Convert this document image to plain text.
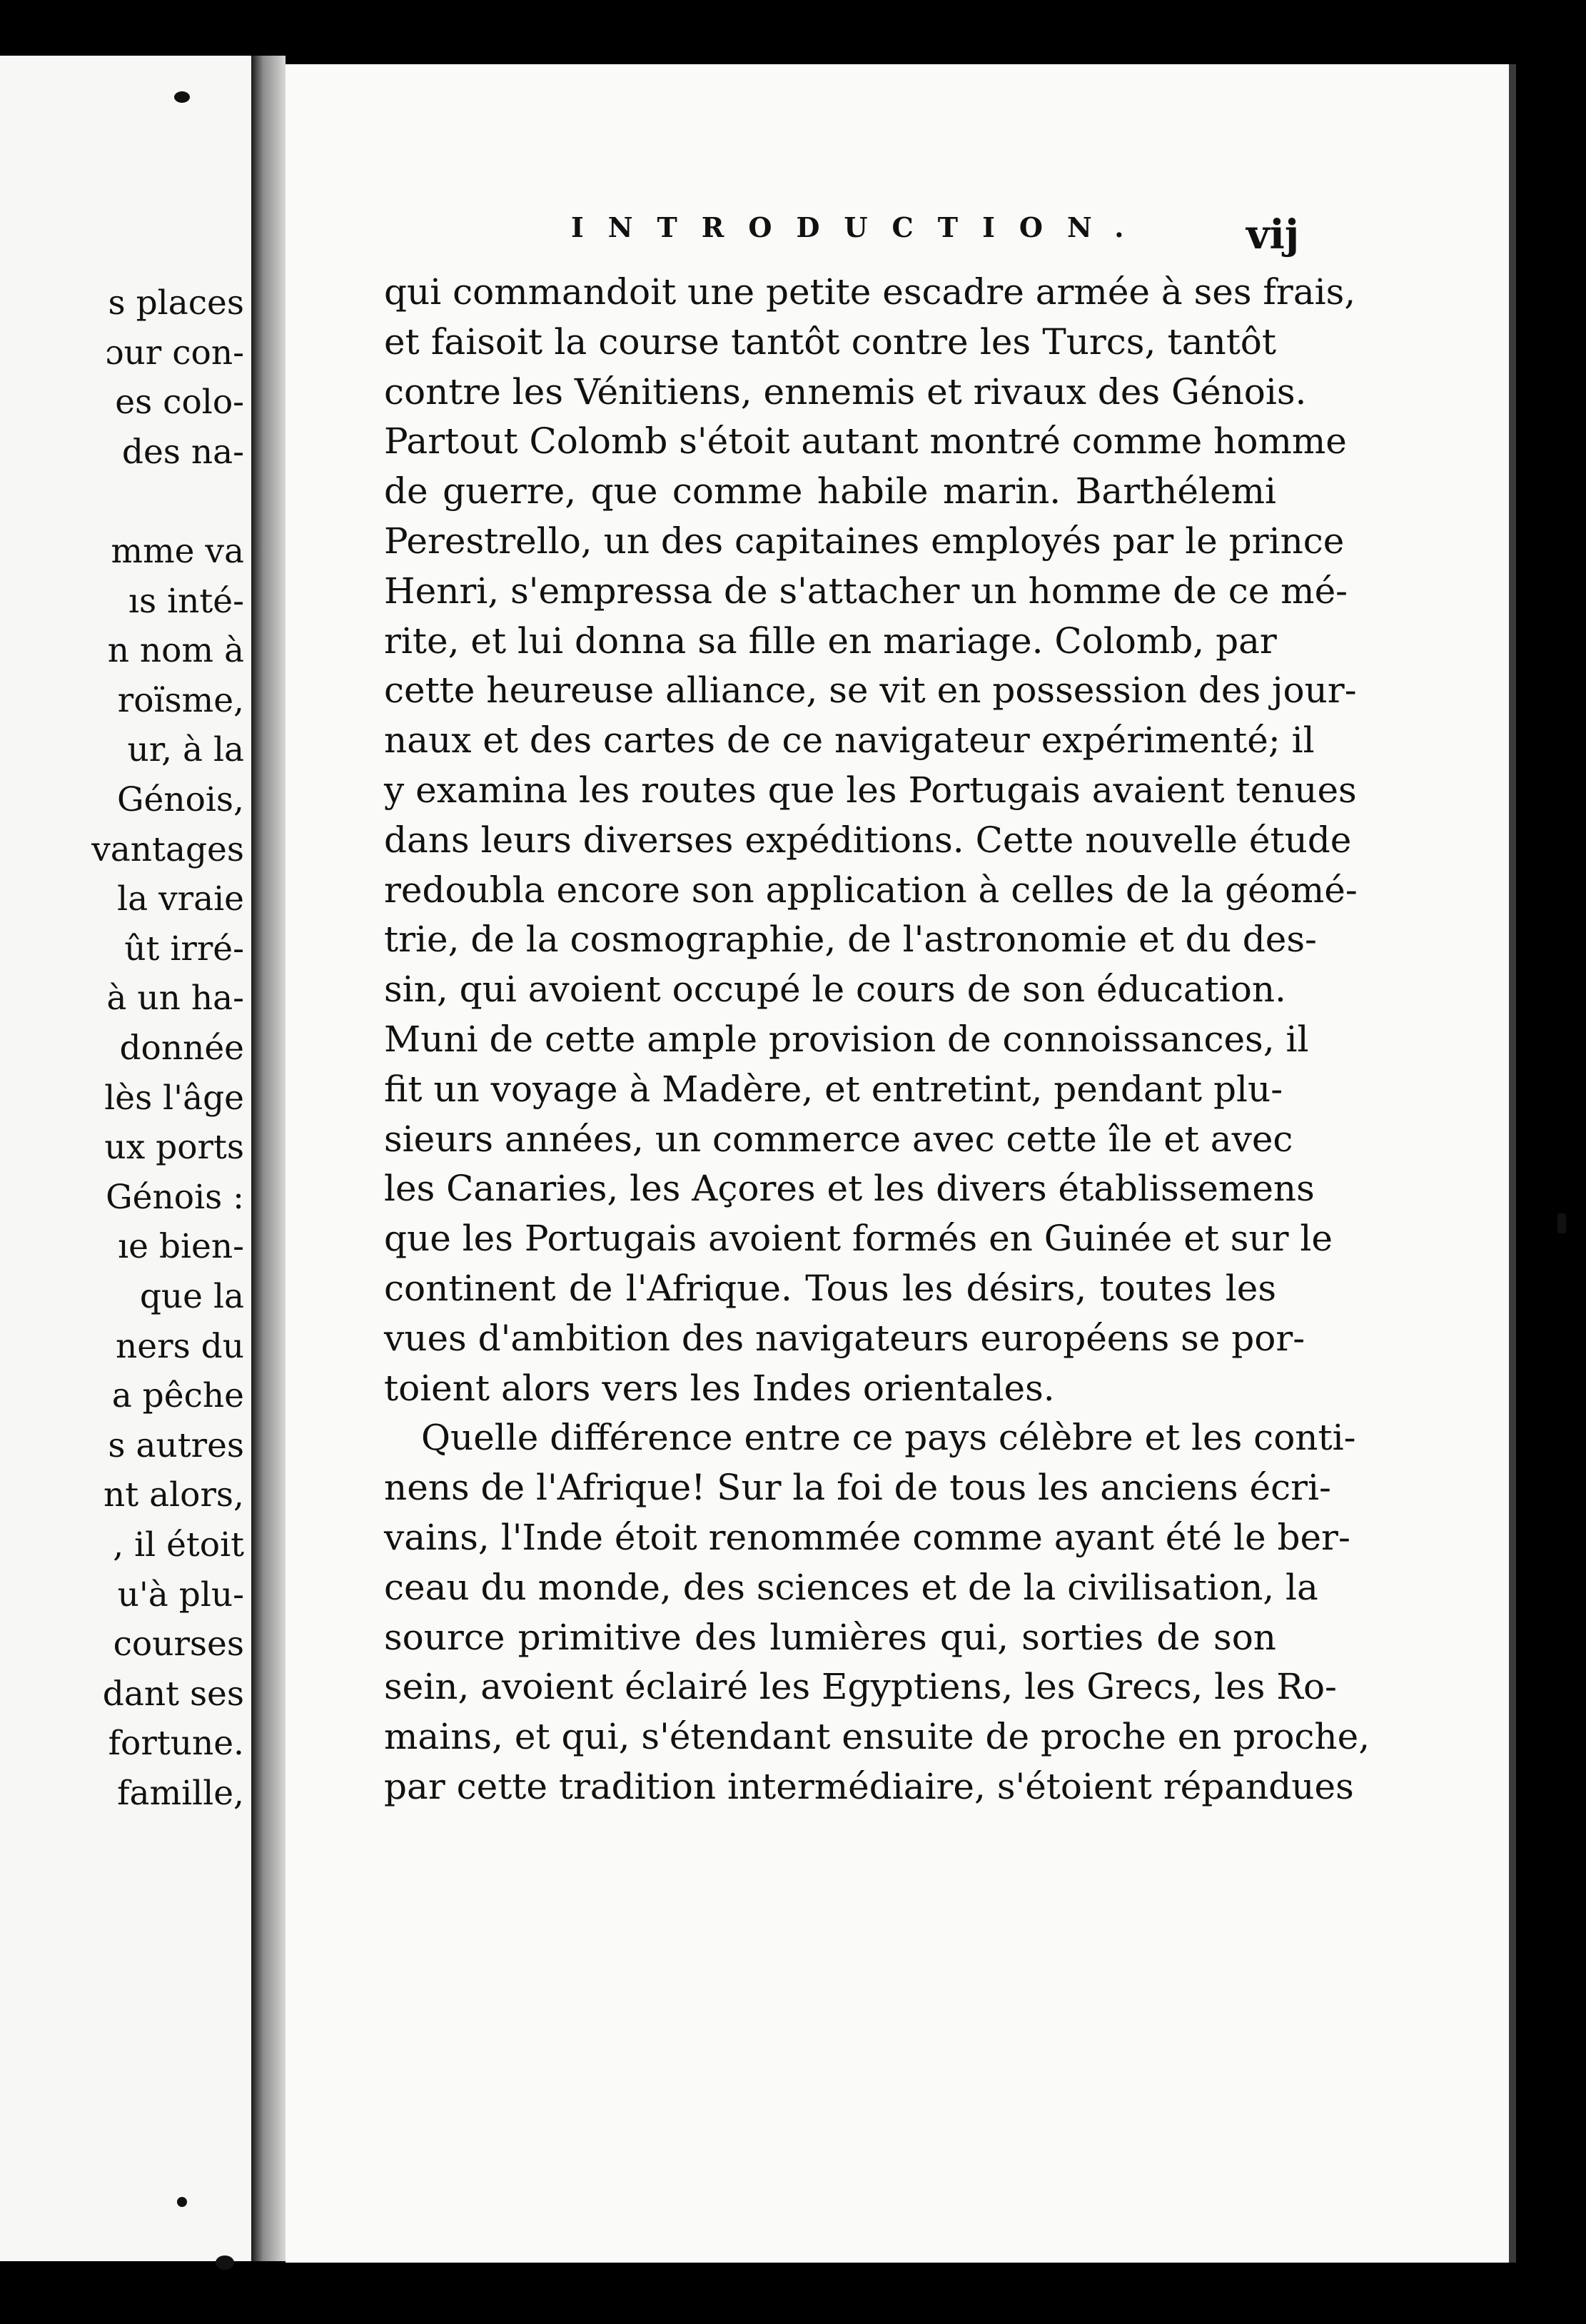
s places
ɔur con-
es colo-
des na-
mme va
ıs inté-
n nom à
roïsme,
ur, à la
Génois,
vantages
la vraie
ût irré-
à un ha-
donnée
lès l'âge
ux ports
Génois :
ıe bien-
que la
ners du
a pêche
s autres
nt alors,
, il étoit
u'à plu-
courses
dant ses
fortune.
famille,
INTRODUCTION. vij
qui commandoit une petite escadre armée à ses frais,
et faisoit la course tantôt contre les Turcs, tantôt
contre les Vénitiens, ennemis et rivaux des Génois.
Partout Colomb s'étoit autant montré comme homme
de guerre, que comme habile marin. Barthélemi
Perestrello, un des capitaines employés par le prince
Henri, s'empressa de s'attacher un homme de ce mé-
rite, et lui donna sa fille en mariage. Colomb, par
cette heureuse alliance, se vit en possession des jour-
naux et des cartes de ce navigateur expérimenté; il
y examina les routes que les Portugais avaient tenues
dans leurs diverses expéditions. Cette nouvelle étude
redoubla encore son application à celles de la géomé-
trie, de la cosmographie, de l'astronomie et du des-
sin, qui avoient occupé le cours de son éducation.
Muni de cette ample provision de connoissances, il
fit un voyage à Madère, et entretint, pendant plu-
sieurs années, un commerce avec cette île et avec
les Canaries, les Açores et les divers établissemens
que les Portugais avoient formés en Guinée et sur le
continent de l'Afrique. Tous les désirs, toutes les
vues d'ambition des navigateurs européens se por-
toient alors vers les Indes orientales.
Quelle différence entre ce pays célèbre et les conti-
nens de l'Afrique! Sur la foi de tous les anciens écri-
vains, l'Inde étoit renommée comme ayant été le ber-
ceau du monde, des sciences et de la civilisation, la
source primitive des lumières qui, sorties de son
sein, avoient éclairé les Egyptiens, les Grecs, les Ro-
mains, et qui, s'étendant ensuite de proche en proche,
par cette tradition intermédiaire, s'étoient répandues
